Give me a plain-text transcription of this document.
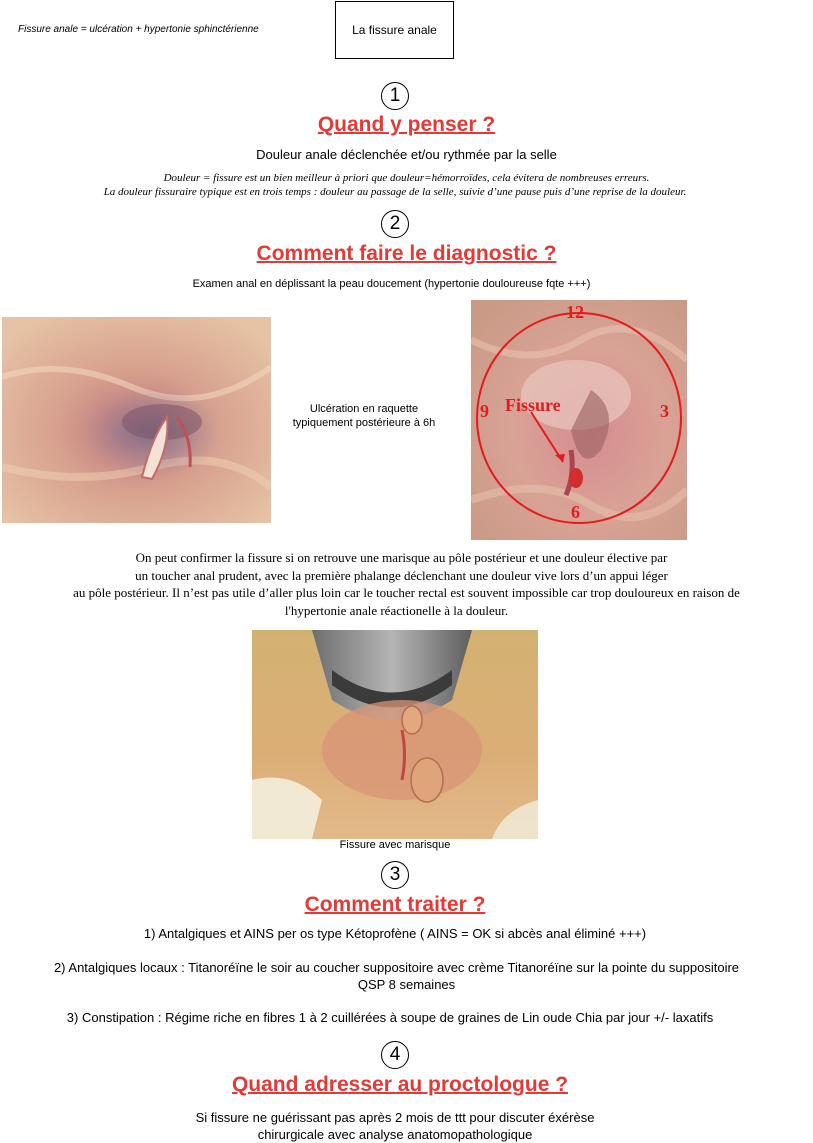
Fissure anale = ulcération + hypertonie sphinctérienne	La fissure anale
1
Quand y penser ?
Douleur anale déclenchée et/ou rythmée par la selle
Douleur = fissure est un bien meilleur à priori que douleur=hémorroïdes, cela évitera de nombreuses erreurs.
La douleur fissuraire typique est en trois temps : douleur au passage de la selle, suivie d’une pause puis d’une reprise de la douleur.
2
Comment faire le diagnostic ?
Examen anal en déplissant la peau doucement (hypertonie douloureuse fqte +++)
Ulcération en raquette
typiquement postérieure à 6h
12
3
6
9 Fissure
On peut confirmer la fissure si on retrouve une marisque au pôle postérieur et une douleur élective par
un toucher anal prudent, avec la première phalange déclenchant une douleur vive lors d’un appui léger
au pôle postérieur. Il n’est pas utile d’aller plus loin car le toucher rectal est souvent impossible car trop douloureux en raison de
l'hypertonie anale réactionelle à la douleur.
Fissure avec marisque
3
Comment traiter ?
1) Antalgiques et AINS per os type Kétoprofène ( AINS = OK si abcès anal éliminé +++)
2) Antalgiques locaux : Titanoréïne le soir au coucher suppositoire avec crème Titanoréïne sur la pointe du suppositoire
QSP 8 semaines
3) Constipation : Régime riche en fibres 1 à 2 cuillérées à soupe de graines de Lin oude Chia par jour +/- laxatifs
4
Quand adresser au proctologue ?
Si fissure ne guérissant pas après 2 mois de ttt pour discuter éxérèse
chirurgicale avec analyse anatomopathologique
